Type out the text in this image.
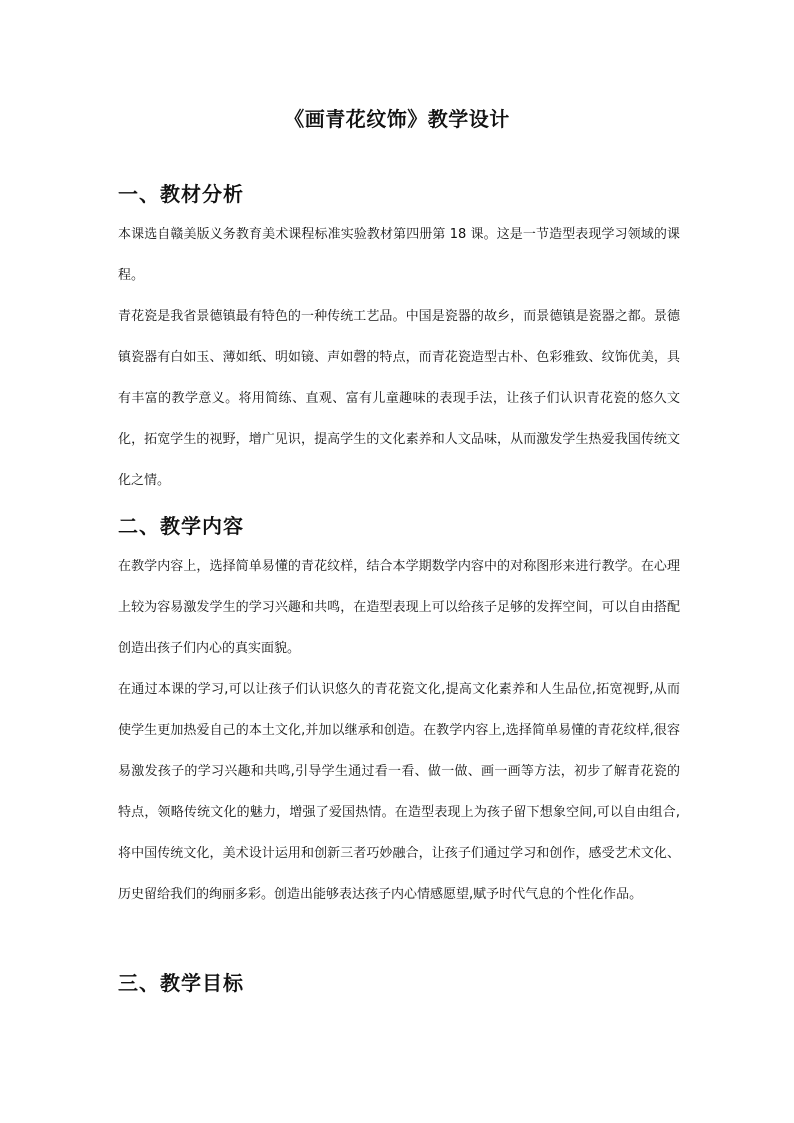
《画青花纹饰》教学设计
一、教材分析
本课选自赣美版义务教育美术课程标准实验教材第四册第 18 课。这是一节造型表现学习领域的课程。
青花瓷是我省景德镇最有特色的一种传统工艺品。中国是瓷器的故乡，而景德镇是瓷器之都。景德镇瓷器有白如玉、薄如纸、明如镜、声如磬的特点，而青花瓷造型古朴、色彩雅致、纹饰优美，具有丰富的教学意义。将用简练、直观、富有儿童趣味的表现手法，让孩子们认识青花瓷的悠久文化，拓宽学生的视野，增广见识，提高学生的文化素养和人文品味，从而激发学生热爱我国传统文化之情。
二、教学内容
在教学内容上，选择简单易懂的青花纹样，结合本学期数学内容中的对称图形来进行教学。在心理上较为容易激发学生的学习兴趣和共鸣，在造型表现上可以给孩子足够的发挥空间，可以自由搭配创造出孩子们内心的真实面貌。
在通过本课的学习,可以让孩子们认识悠久的青花瓷文化,提高文化素养和人生品位,拓宽视野,从而使学生更加热爱自己的本土文化,并加以继承和创造。在教学内容上,选择简单易懂的青花纹样,很容易激发孩子的学习兴趣和共鸣,引导学生通过看一看、做一做、画一画等方法，初步了解青花瓷的特点，领略传统文化的魅力，增强了爱国热情。在造型表现上为孩子留下想象空间,可以自由组合,将中国传统文化，美术设计运用和创新三者巧妙融合，让孩子们通过学习和创作，感受艺术文化、历史留给我们的绚丽多彩。创造出能够表达孩子内心情感愿望,赋予时代气息的个性化作品。
三、教学目标
